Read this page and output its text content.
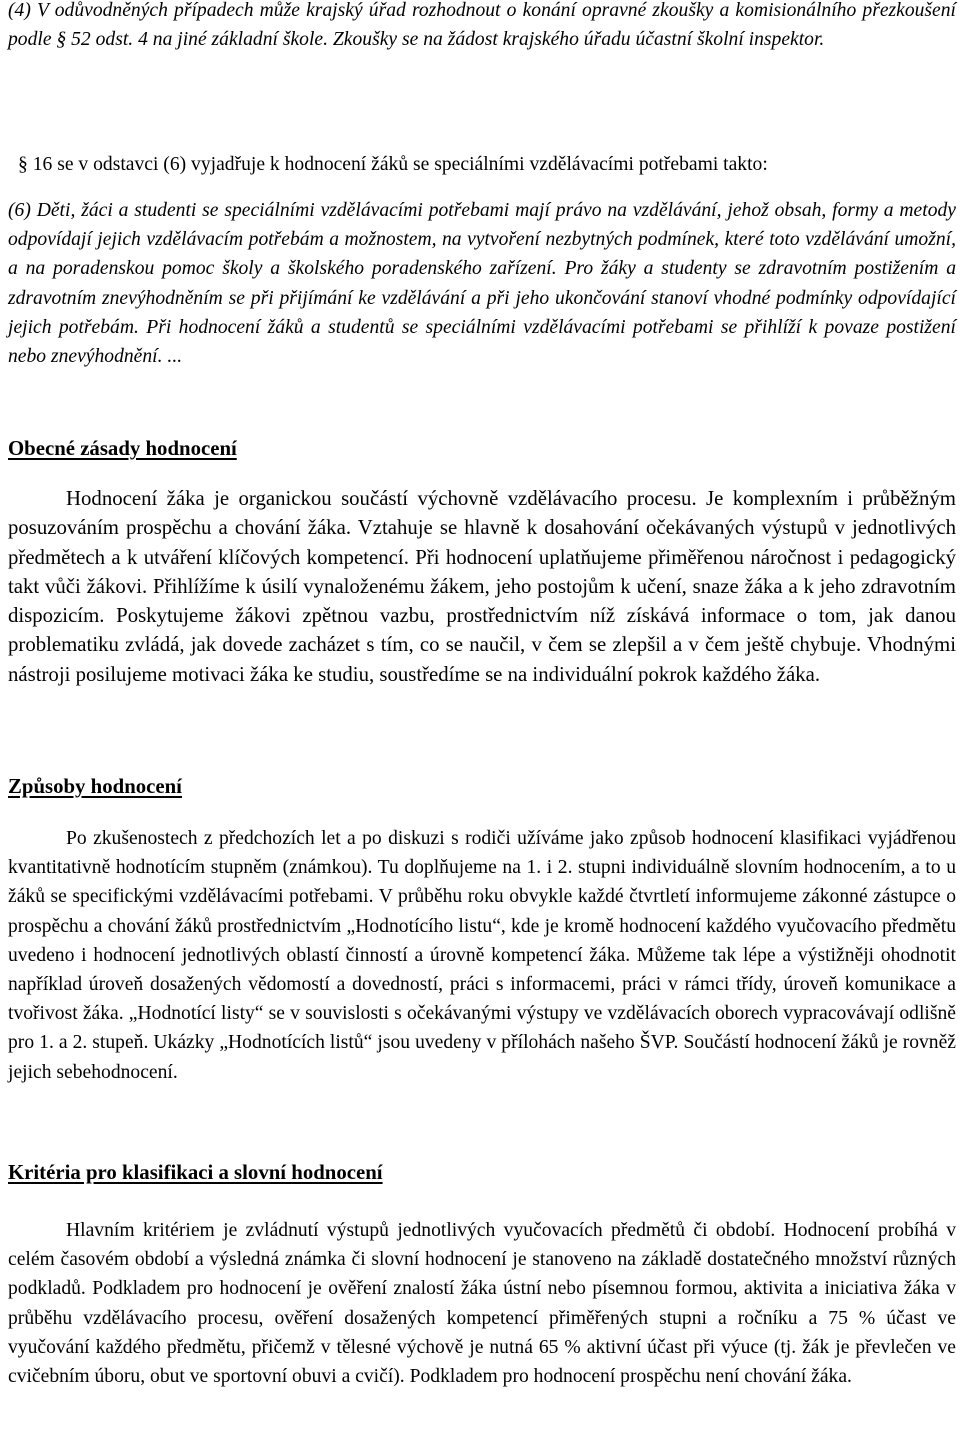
(4) V odůvodněných případech může krajský úřad rozhodnout o konání opravné zkoušky a komisionálního přezkoušení podle § 52 odst. 4 na jiné základní škole. Zkoušky se na žádost krajského úřadu účastní školní inspektor.

§ 16 se v odstavci (6) vyjadřuje k hodnocení žáků se speciálními vzdělávacími potřebami takto:

(6) Děti, žáci a studenti se speciálními vzdělávacími potřebami mají právo na vzdělávání, jehož obsah, formy a metody odpovídají jejich vzdělávacím potřebám a možnostem, na vytvoření nezbytných podmínek, které toto vzdělávání umožní, a na poradenskou pomoc školy a školského poradenského zařízení. Pro žáky a studenty se zdravotním postižením a zdravotním znevýhodněním se při přijímání ke vzdělávání a při jeho ukončování stanoví vhodné podmínky odpovídající jejich potřebám. Při hodnocení žáků a studentů se speciálními vzdělávacími potřebami se přihlíží k povaze postižení nebo znevýhodnění. ...

Obecné zásady hodnocení

Hodnocení žáka je organickou součástí výchovně vzdělávacího procesu. Je komplexním i průběžným posuzováním prospěchu a chování žáka. Vztahuje se hlavně k dosahování očekávaných výstupů v jednotlivých předmětech a k utváření klíčových kompetencí. Při hodnocení uplatňujeme přiměřenou náročnost i pedagogický takt vůči žákovi. Přihlížíme k úsilí vynaloženému žákem, jeho postojům k učení, snaze žáka a k jeho zdravotním dispozicím. Poskytujeme žákovi zpětnou vazbu, prostřednictvím níž získává informace o tom, jak danou problematiku zvládá, jak dovede zacházet s tím, co se naučil, v čem se zlepšil a v čem ještě chybuje. Vhodnými nástroji posilujeme motivaci žáka ke studiu, soustředíme se na individuální pokrok každého žáka.

Způsoby hodnocení

Po zkušenostech z předchozích let a po diskuzi s rodiči užíváme jako způsob hodnocení klasifikaci vyjádřenou kvantitativně hodnotícím stupněm (známkou). Tu doplňujeme na 1. i 2. stupni individuálně slovním hodnocením, a to u žáků se specifickými vzdělávacími potřebami. V průběhu roku obvykle každé čtvrtletí informujeme zákonné zástupce o prospěchu a chování žáků prostřednictvím „Hodnotícího listu“, kde je kromě hodnocení každého vyučovacího předmětu uvedeno i hodnocení jednotlivých oblastí činností a úrovně kompetencí žáka. Můžeme tak lépe a výstižněji ohodnotit například úroveň dosažených vědomostí a dovedností, práci s informacemi, práci v rámci třídy, úroveň komunikace a tvořivost žáka. „Hodnotící listy“ se v souvislosti s očekávanými výstupy ve vzdělávacích oborech vypracovávají odlišně pro 1. a 2. stupeň. Ukázky „Hodnotících listů“ jsou uvedeny v přílohách našeho ŠVP. Součástí hodnocení žáků je rovněž jejich sebehodnocení.

Kritéria pro klasifikaci a slovní hodnocení

Hlavním kritériem je zvládnutí výstupů jednotlivých vyučovacích předmětů či období. Hodnocení probíhá v celém časovém období a výsledná známka či slovní hodnocení je stanoveno na základě dostatečného množství různých podkladů. Podkladem pro hodnocení je ověření znalostí žáka ústní nebo písemnou formou, aktivita a iniciativa žáka v průběhu vzdělávacího procesu, ověření dosažených kompetencí přiměřených stupni a ročníku a 75 % účast ve vyučování každého předmětu, přičemž v tělesné výchově je nutná 65 % aktivní účast při výuce (tj. žák je převlečen ve cvičebním úboru, obut ve sportovní obuvi a cvičí). Podkladem pro hodnocení prospěchu není chování žáka.
